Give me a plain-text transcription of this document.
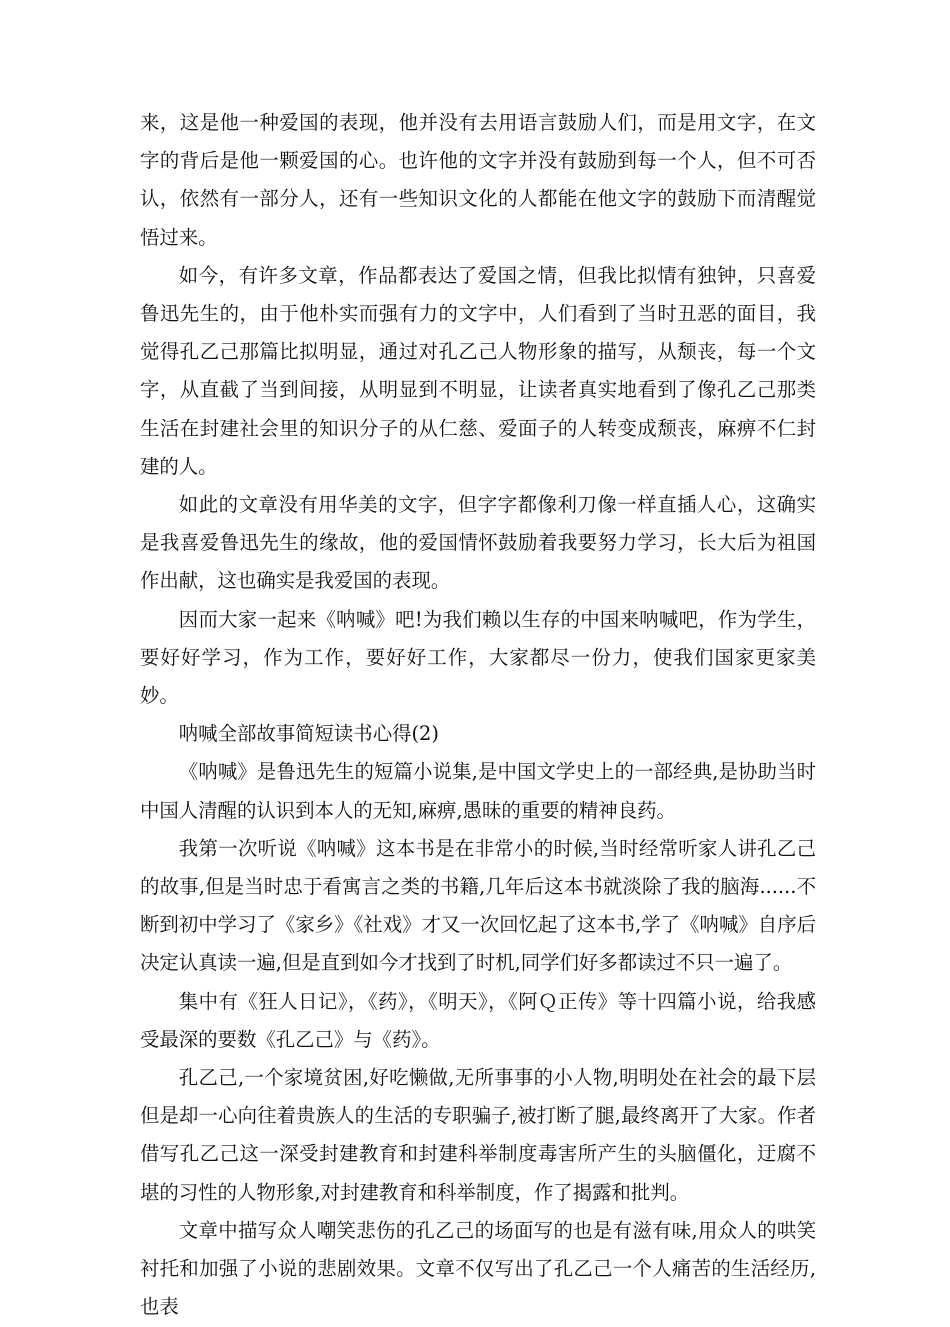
来，这是他一种爱国的表现，他并没有去用语言鼓励人们，而是用文字，在文字的背后是他一颗爱国的心。也许他的文字并没有鼓励到每一个人，但不可否认，依然有一部分人，还有一些知识文化的人都能在他文字的鼓励下而清醒觉悟过来。

如今，有许多文章，作品都表达了爱国之情，但我比拟情有独钟，只喜爱鲁迅先生的，由于他朴实而强有力的文字中，人们看到了当时丑恶的面目，我觉得孔乙己那篇比拟明显，通过对孔乙己人物形象的描写，从颓丧，每一个文字，从直截了当到间接，从明显到不明显，让读者真实地看到了像孔乙己那类生活在封建社会里的知识分子的从仁慈、爱面子的人转变成颓丧，麻痹不仁封建的人。

如此的文章没有用华美的文字，但字字都像利刀像一样直插人心，这确实是我喜爱鲁迅先生的缘故，他的爱国情怀鼓励着我要努力学习，长大后为祖国作出献，这也确实是我爱国的表现。

因而大家一起来《呐喊》吧!为我们赖以生存的中国来呐喊吧，作为学生，要好好学习，作为工作，要好好工作，大家都尽一份力，使我们国家更家美妙。

呐喊全部故事简短读书心得(2)

《呐喊》是鲁迅先生的短篇小说集,是中国文学史上的一部经典,是协助当时中国人清醒的认识到本人的无知,麻痹,愚昧的重要的精神良药。

我第一次听说《呐喊》这本书是在非常小的时候,当时经常听家人讲孔乙己的故事,但是当时忠于看寓言之类的书籍,几年后这本书就淡除了我的脑海......不断到初中学习了《家乡》《社戏》才又一次回忆起了这本书,学了《呐喊》自序后决定认真读一遍,但是直到如今才找到了时机,同学们好多都读过不只一遍了。

集中有《狂人日记》，《药》，《明天》，《阿Ｑ正传》等十四篇小说，给我感受最深的要数《孔乙己》与《药》。

孔乙己,一个家境贫困,好吃懒做,无所事事的小人物,明明处在社会的最下层但是却一心向往着贵族人的生活的专职骗子,被打断了腿,最终离开了大家。作者借写孔乙己这一深受封建教育和封建科举制度毒害所产生的头脑僵化，迂腐不堪的习性的人物形象,对封建教育和科举制度，作了揭露和批判。

文章中描写众人嘲笑悲伤的孔乙己的场面写的也是有滋有味,用众人的哄笑衬托和加强了小说的悲剧效果。文章不仅写出了孔乙己一个人痛苦的生活经历,也表
